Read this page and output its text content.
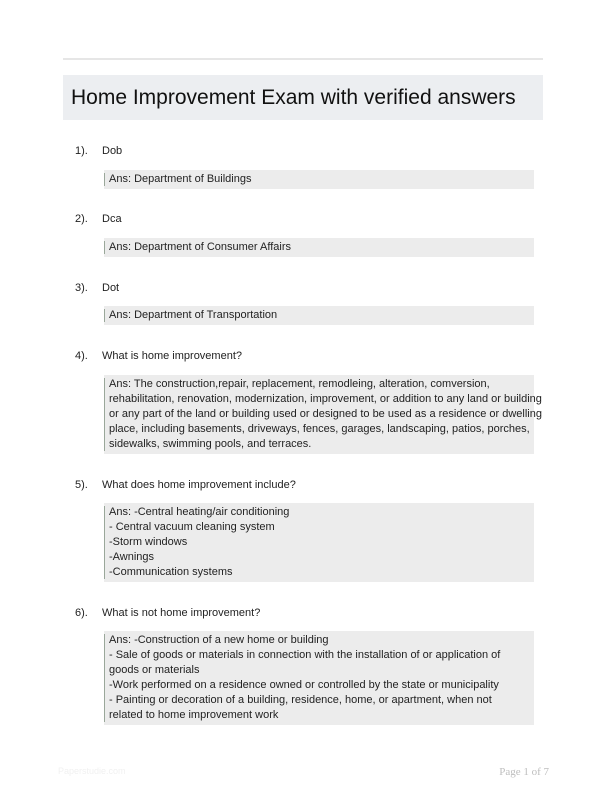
Home Improvement Exam with verified answers
1). Dob
Ans: Department of Buildings
2). Dca
Ans: Department of Consumer Affairs
3). Dot
Ans: Department of Transportation
4). What is home improvement?
Ans: The construction,repair, replacement, remodleing, alteration, comversion,
rehabilitation, renovation, modernization, improvement, or addition to any land or building
or any part of the land or building used or designed to be used as a residence or dwelling
place, including basements, driveways, fences, garages, landscaping, patios, porches,
sidewalks, swimming pools, and terraces.
5). What does home improvement include?
Ans: -Central heating/air conditioning
- Central vacuum cleaning system
-Storm windows
-Awnings
-Communication systems
6). What is not home improvement?
Ans: -Construction of a new home or building
- Sale of goods or materials in connection with the installation of or application of
goods or materials
-Work performed on a residence owned or controlled by the state or municipality
- Painting or decoration of a building, residence, home, or apartment, when not
related to home improvement work
Paperstudie.com	Page 1 of 7
